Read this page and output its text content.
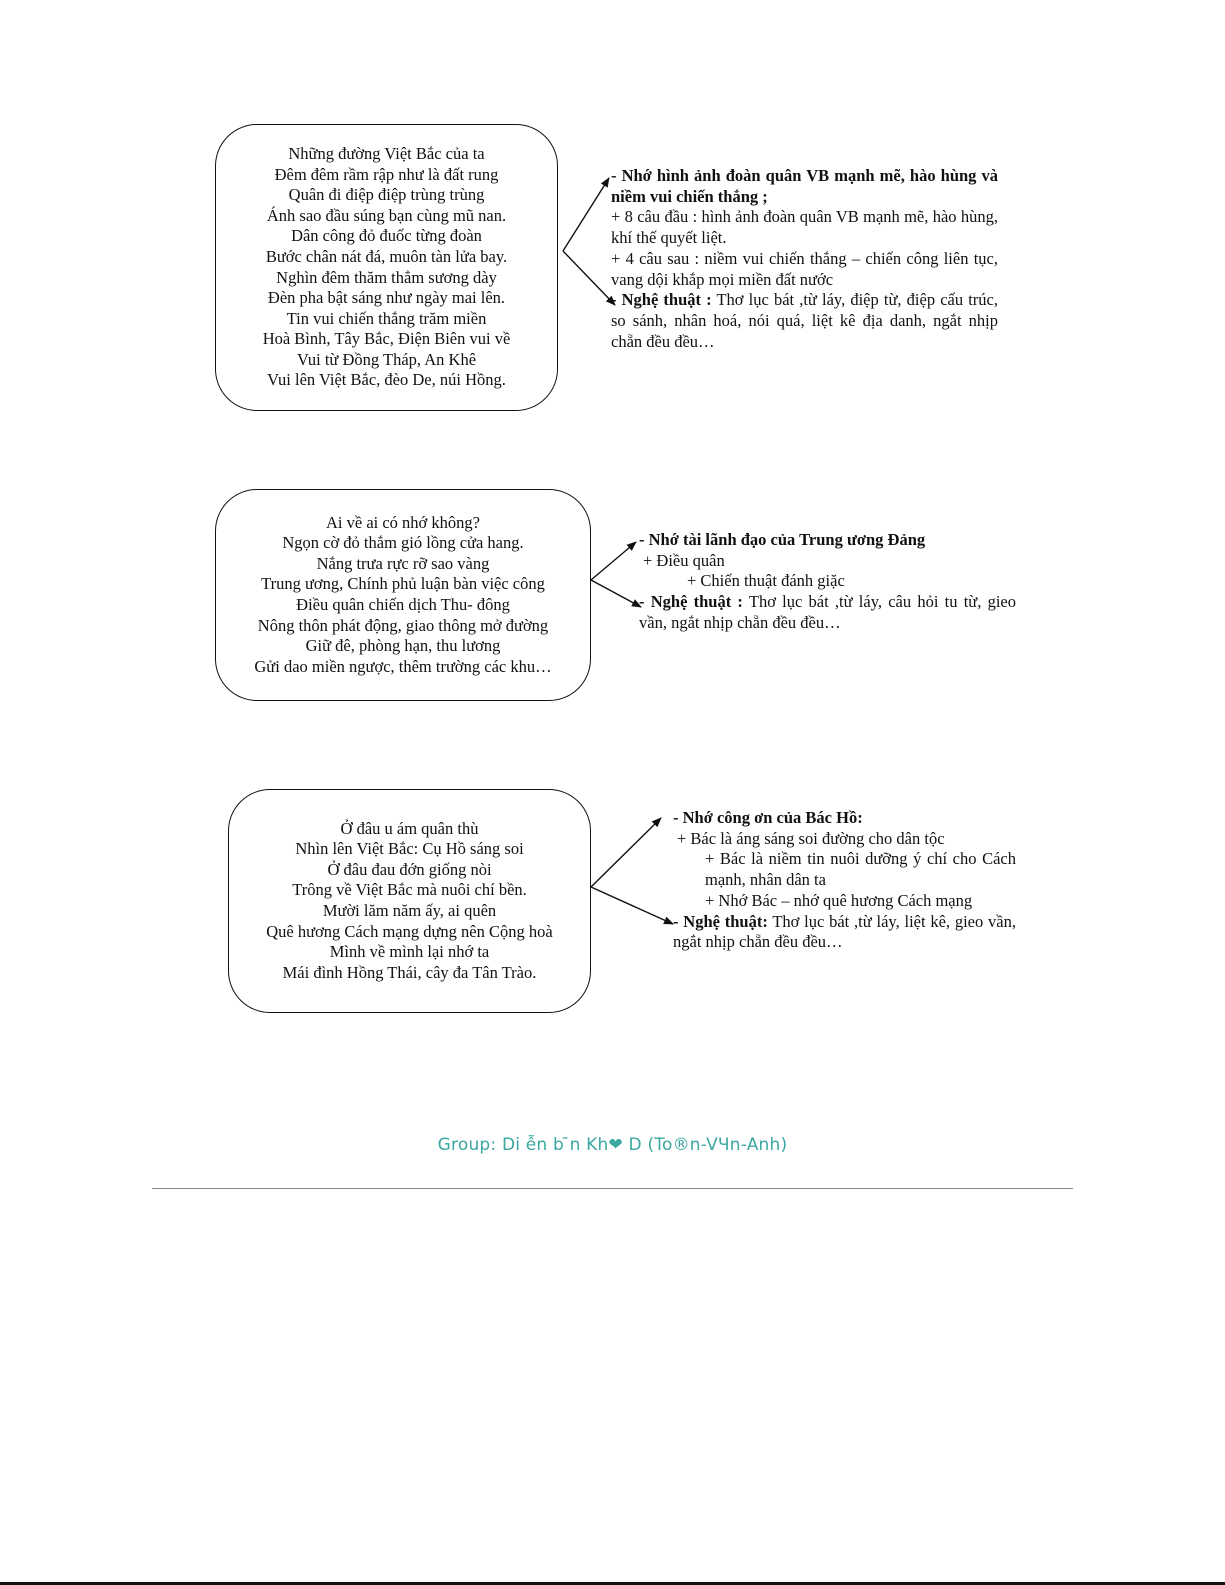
Những đường Việt Bắc của ta
Đêm đêm rầm rập như là đất rung
Quân đi điệp điệp trùng trùng
Ánh sao đầu súng bạn cùng mũ nan.
Dân công đỏ đuốc từng đoàn
Bước chân nát đá, muôn tàn lửa bay.
Nghìn đêm thăm thẳm sương dày
Đèn pha bật sáng như ngày mai lên.
Tin vui chiến thắng trăm miền
Hoà Bình, Tây Bắc, Điện Biên vui về
Vui từ Đồng Tháp, An Khê
Vui lên Việt Bắc, đèo De, núi Hồng.
- Nhớ hình ảnh đoàn quân VB mạnh mẽ, hào hùng và niềm vui chiến thắng ;
+ 8 câu đầu : hình ảnh đoàn quân VB mạnh mẽ, hào hùng, khí thế quyết liệt.
+ 4 câu sau : niềm vui chiến thắng – chiến công liên tục, vang dội khắp mọi miền đất nước
- Nghệ thuật : Thơ lục bát ,từ láy, điệp từ, điệp cấu trúc, so sánh, nhân hoá, nói quá, liệt kê địa danh, ngắt nhịp chẵn đều đều…
Ai về ai có nhớ không?
Ngọn cờ đỏ thắm gió lồng cửa hang.
Nắng trưa rực rỡ sao vàng
Trung ương, Chính phủ luận bàn việc công
Điều quân chiến dịch Thu- đông
Nông thôn phát động, giao thông mở đường
Giữ đê, phòng hạn, thu lương
Gửi dao miền ngược, thêm trường các khu…
- Nhớ tài lãnh đạo của Trung ương Đảng
+ Điều quân
+ Chiến thuật đánh giặc
- Nghệ thuật : Thơ lục bát ,từ láy, câu hỏi tu từ, gieo vần, ngắt nhịp chẵn đều đều…
Ở đâu u ám quân thù
Nhìn lên Việt Bắc: Cụ Hồ sáng soi
Ở đâu đau đớn giống nòi
Trông về Việt Bắc mà nuôi chí bền.
Mười lăm năm ấy, ai quên
Quê hương Cách mạng dựng nên Cộng hoà
Mình về mình lại nhớ ta
Mái đình Hồng Thái, cây đa Tân Trào.
- Nhớ công ơn của Bác Hồ:
+ Bác là áng sáng soi đường cho dân tộc
+ Bác là niềm tin nuôi dưỡng ý chí cho Cách mạnh, nhân dân ta
+ Nhớ Bác – nhớ quê hương Cách mạng
- Nghệ thuật: Thơ lục bát ,từ láy, liệt kê, gieo vần, ngắt nhịp chẵn đều đều…
Group: Di ễn b ̄n Kh❤ D (To®n-VЧn-Anh)
